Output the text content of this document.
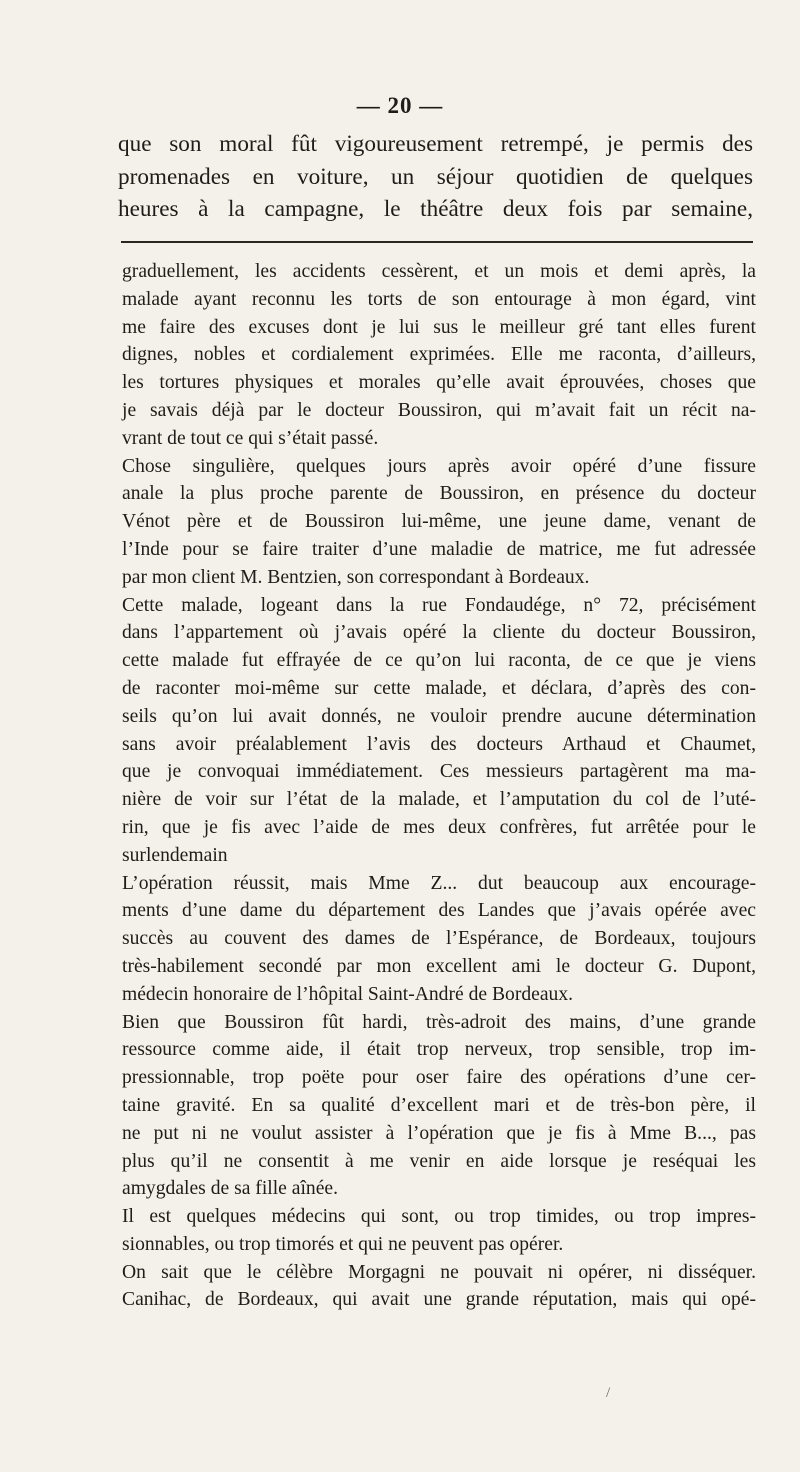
— 20 —
que son moral fût vigoureusement retrempé, je permis des
promenades en voiture, un séjour quotidien de quelques
heures à la campagne, le théâtre deux fois par semaine,
graduellement, les accidents cessèrent, et un mois et demi après, la
malade ayant reconnu les torts de son entourage à mon égard, vint
me faire des excuses dont je lui sus le meilleur gré tant elles furent
dignes, nobles et cordialement exprimées. Elle me raconta, d’ailleurs,
les tortures physiques et morales qu’elle avait éprouvées, choses que
je savais déjà par le docteur Boussiron, qui m’avait fait un récit na-
vrant de tout ce qui s’était passé.
Chose singulière, quelques jours après avoir opéré d’une fissure
anale la plus proche parente de Boussiron, en présence du docteur
Vénot père et de Boussiron lui-même, une jeune dame, venant de
l’Inde pour se faire traiter d’une maladie de matrice, me fut adressée
par mon client M. Bentzien, son correspondant à Bordeaux.
Cette malade, logeant dans la rue Fondaudége, n° 72, précisément
dans l’appartement où j’avais opéré la cliente du docteur Boussiron,
cette malade fut effrayée de ce qu’on lui raconta, de ce que je viens
de raconter moi-même sur cette malade, et déclara, d’après des con-
seils qu’on lui avait donnés, ne vouloir prendre aucune détermination
sans avoir préalablement l’avis des docteurs Arthaud et Chaumet,
que je convoquai immédiatement. Ces messieurs partagèrent ma ma-
nière de voir sur l’état de la malade, et l’amputation du col de l’uté-
rin, que je fis avec l’aide de mes deux confrères, fut arrêtée pour le
surlendemain
L’opération réussit, mais Mme Z... dut beaucoup aux encourage-
ments d’une dame du département des Landes que j’avais opérée avec
succès au couvent des dames de l’Espérance, de Bordeaux, toujours
très-habilement secondé par mon excellent ami le docteur G. Dupont,
médecin honoraire de l’hôpital Saint-André de Bordeaux.
Bien que Boussiron fût hardi, très-adroit des mains, d’une grande
ressource comme aide, il était trop nerveux, trop sensible, trop im-
pressionnable, trop poëte pour oser faire des opérations d’une cer-
taine gravité. En sa qualité d’excellent mari et de très-bon père, il
ne put ni ne voulut assister à l’opération que je fis à Mme B..., pas
plus qu’il ne consentit à me venir en aide lorsque je reséquai les
amygdales de sa fille aînée.
Il est quelques médecins qui sont, ou trop timides, ou trop impres-
sionnables, ou trop timorés et qui ne peuvent pas opérer.
On sait que le célèbre Morgagni ne pouvait ni opérer, ni disséquer.
Canihac, de Bordeaux, qui avait une grande réputation, mais qui opé-
/
